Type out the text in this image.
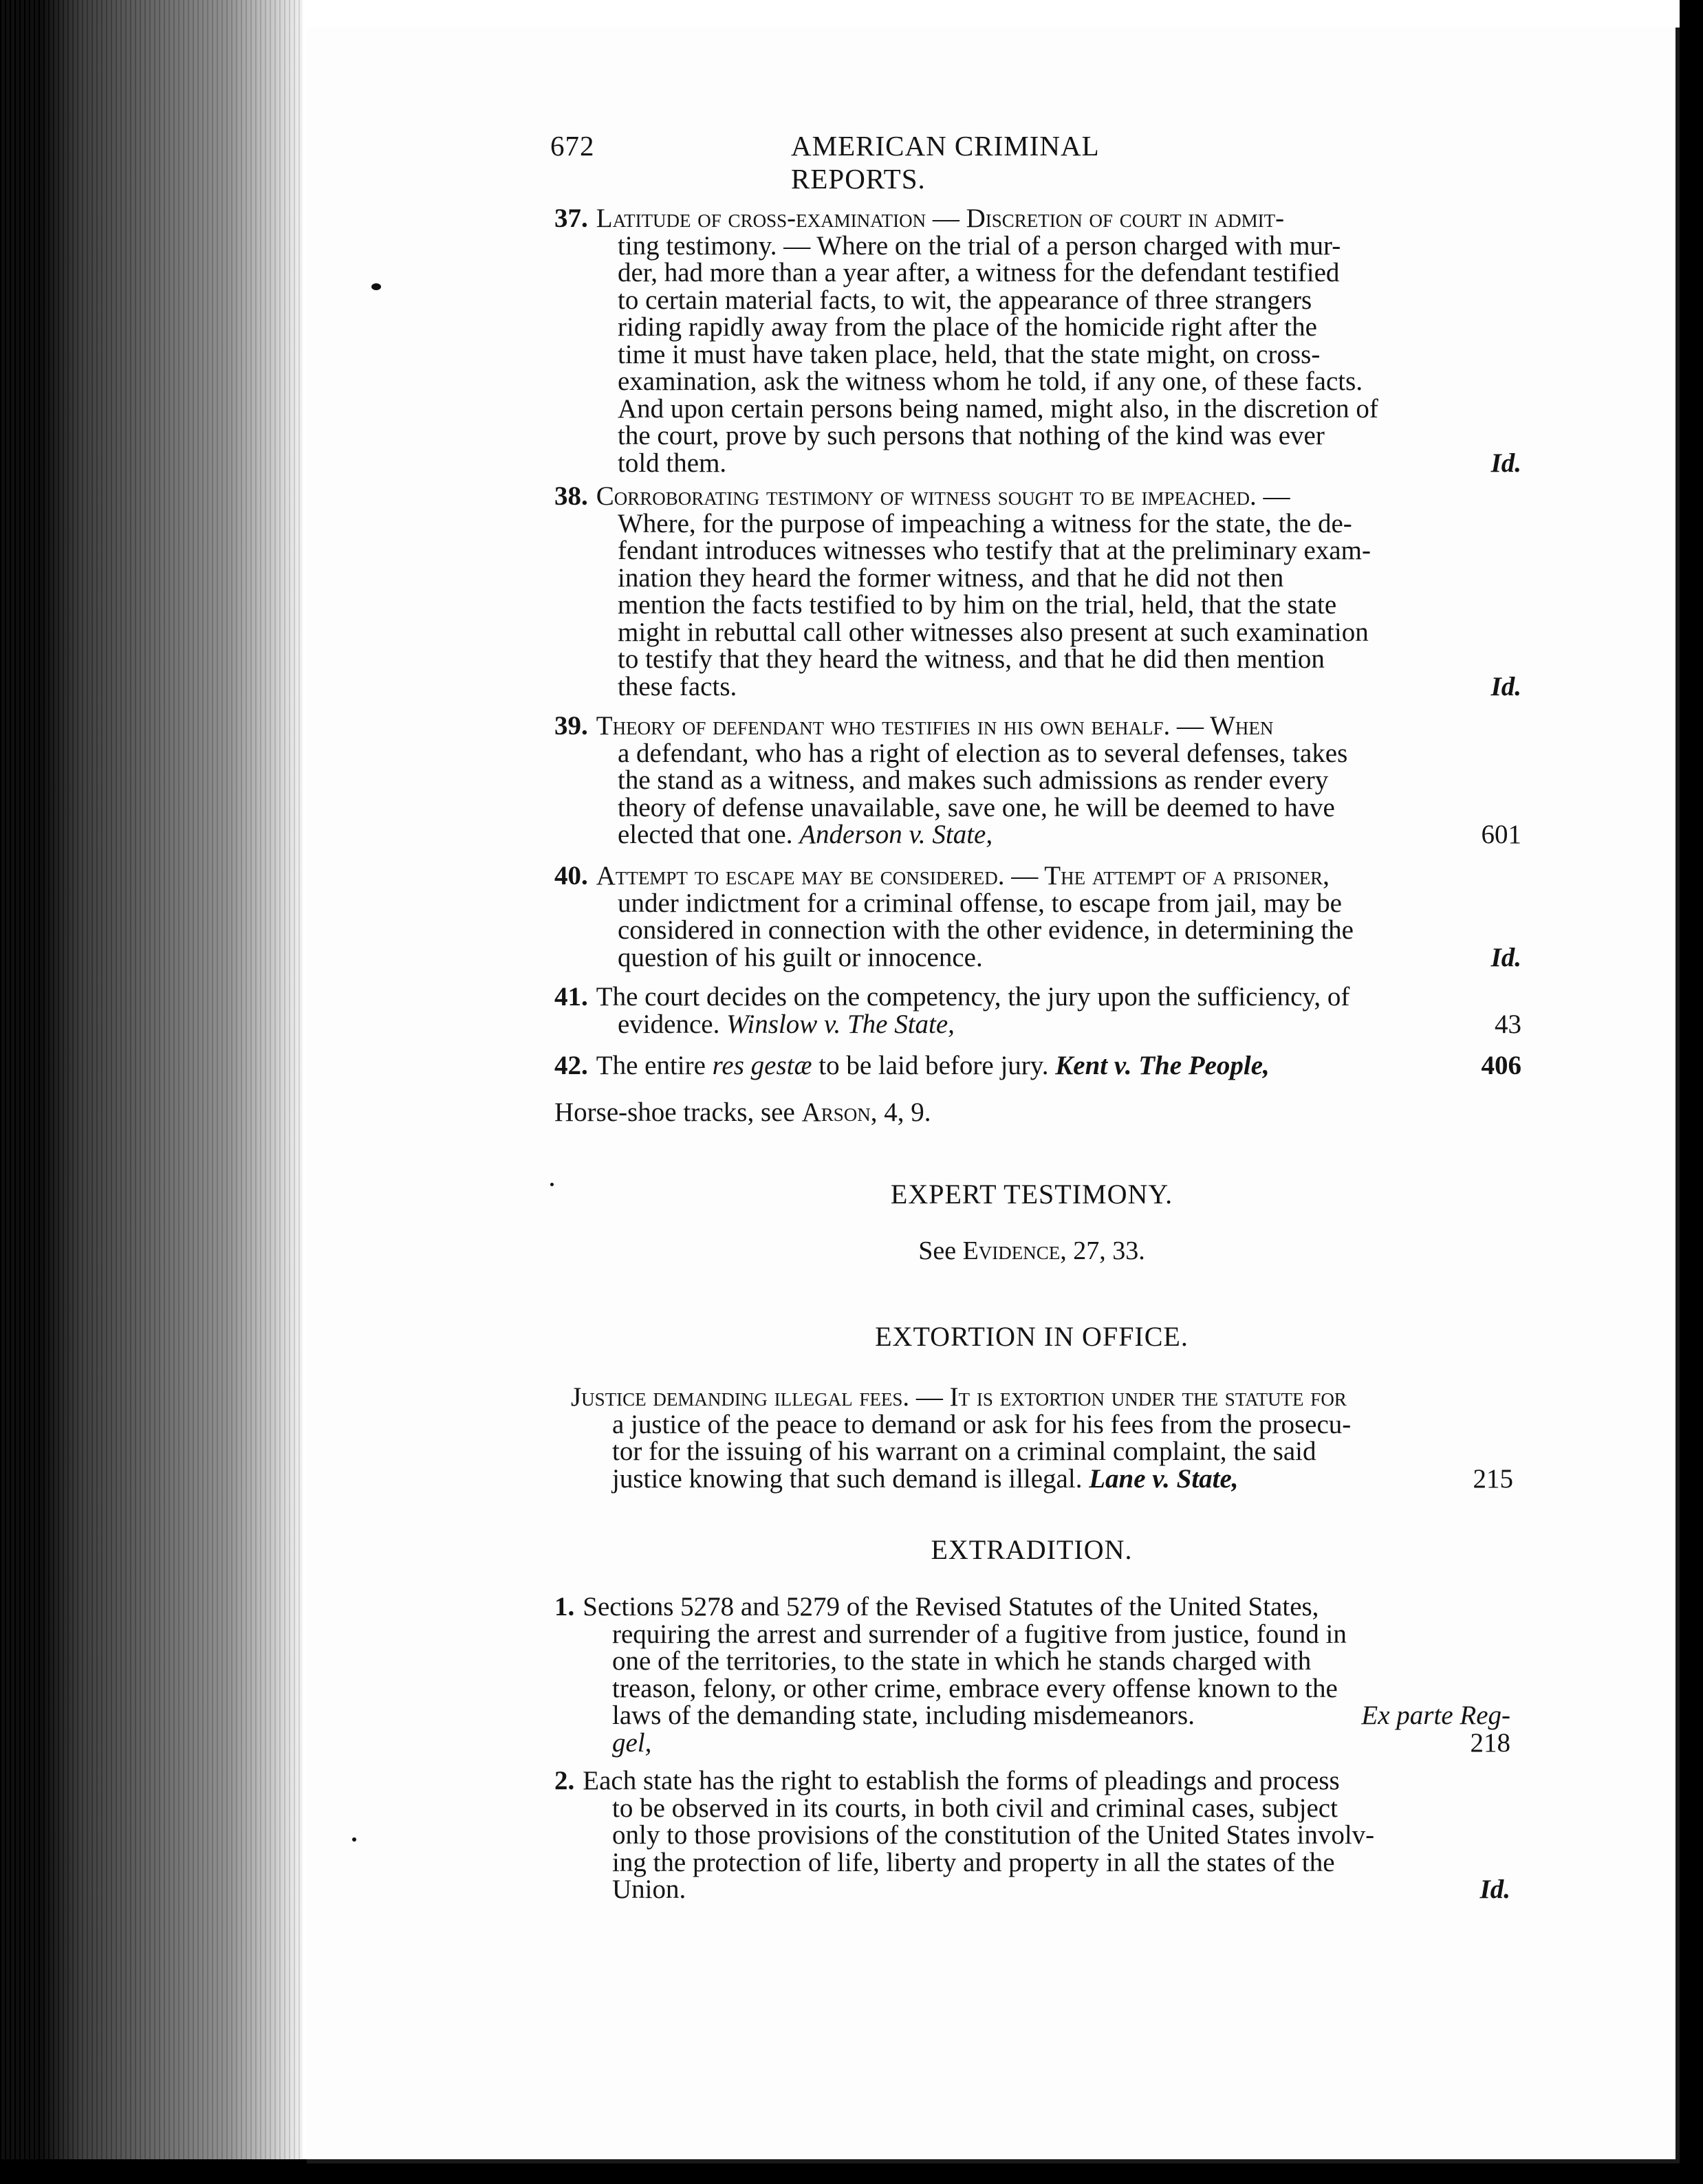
672	AMERICAN CRIMINAL REPORTS.
37. Latitude of cross-examination — Discretion of court in admit-
ting testimony. — Where on the trial of a person charged with mur-
der, had more than a year after, a witness for the defendant testified
to certain material facts, to wit, the appearance of three strangers
riding rapidly away from the place of the homicide right after the
time it must have taken place, held, that the state might, on cross-
examination, ask the witness whom he told, if any one, of these facts.
And upon certain persons being named, might also, in the discretion of
the court, prove by such persons that nothing of the kind was ever
told them.	Id.
38. Corroborating testimony of witness sought to be impeached. —
Where, for the purpose of impeaching a witness for the state, the de-
fendant introduces witnesses who testify that at the preliminary exam-
ination they heard the former witness, and that he did not then
mention the facts testified to by him on the trial, held, that the state
might in rebuttal call other witnesses also present at such examination
to testify that they heard the witness, and that he did then mention
these facts.	Id.
39. Theory of defendant who testifies in his own behalf. — When
a defendant, who has a right of election as to several defenses, takes
the stand as a witness, and makes such admissions as render every
theory of defense unavailable, save one, he will be deemed to have
elected that one. Anderson v. State,	601
40. Attempt to escape may be considered. — The attempt of a prisoner,
under indictment for a criminal offense, to escape from jail, may be
considered in connection with the other evidence, in determining the
question of his guilt or innocence.	Id.
41. The court decides on the competency, the jury upon the sufficiency, of
evidence. Winslow v. The State,	43
42. The entire res gestæ to be laid before jury. Kent v. The People,	406
Horse-shoe tracks, see Arson, 4, 9.
EXPERT TESTIMONY.
See Evidence, 27, 33.
EXTORTION IN OFFICE.
Justice demanding illegal fees. — It is extortion under the statute for
a justice of the peace to demand or ask for his fees from the prosecu-
tor for the issuing of his warrant on a criminal complaint, the said
justice knowing that such demand is illegal. Lane v. State,	215
EXTRADITION.
1. Sections 5278 and 5279 of the Revised Statutes of the United States,
requiring the arrest and surrender of a fugitive from justice, found in
one of the territories, to the state in which he stands charged with
treason, felony, or other crime, embrace every offense known to the
laws of the demanding state, including misdemeanors.	Ex parte Reg-
gel,	218
2. Each state has the right to establish the forms of pleadings and process
to be observed in its courts, in both civil and criminal cases, subject
only to those provisions of the constitution of the United States involv-
ing the protection of life, liberty and property in all the states of the
Union.	Id.
